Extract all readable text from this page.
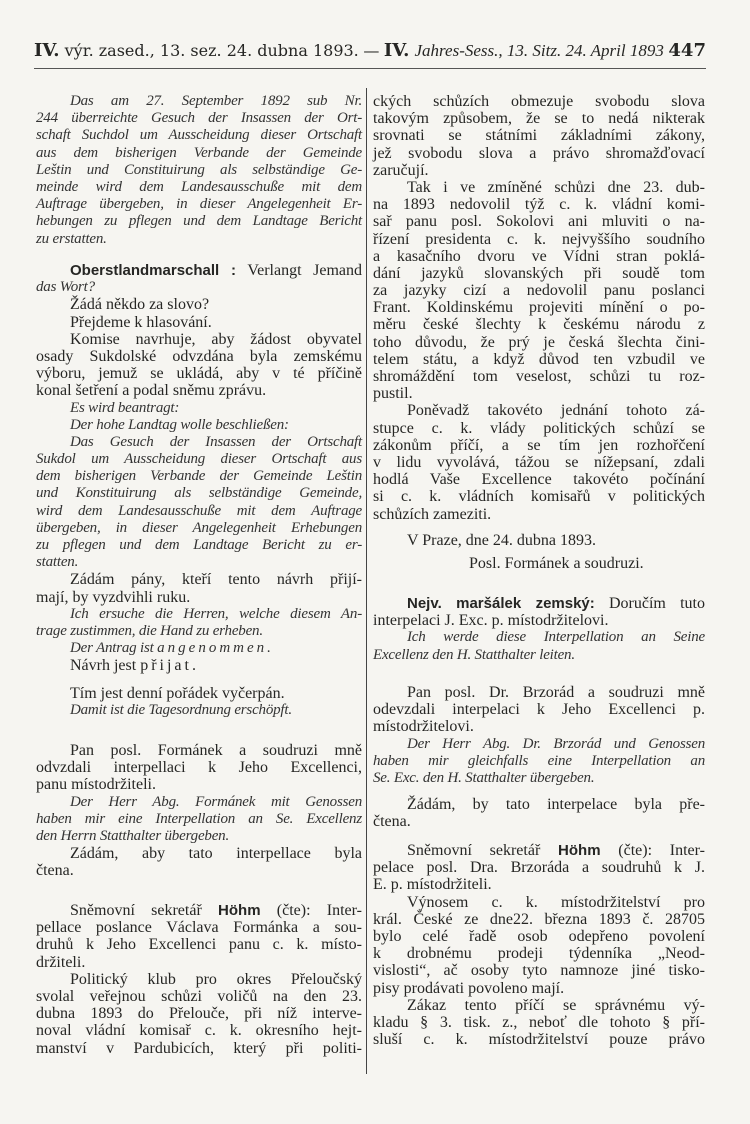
IV. výr. zased., 13. sez. 24. dubna 1893. — IV. Jahres-Sess., 13. Sitz. 24. April 1893 447
Das am 27. September 1892 sub Nr.
244 überreichte Gesuch der Insassen der Ort-
schaft Suchdol um Ausscheidung dieser Ortschaft
aus dem bisherigen Verbande der Gemeinde
Leštin und Constituirung als selbständige Ge-
meinde wird dem Landesausschuße mit dem
Auftrage übergeben, in dieser Angelegenheit Er-
hebungen zu pflegen und dem Landtage Bericht
zu erstatten.
Oberstlandmarschall : Verlangt Jemand
das Wort?
Žádá někdo za slovo?
Přejdeme k hlasování.
Komise navrhuje, aby žádost obyvatel
osady Sukdolské odvzdána byla zemskému
výboru, jemuž se ukládá, aby v té příčině
konal šetření a podal sněmu zprávu.
Es wird beantragt:
Der hohe Landtag wolle beschließen:
Das Gesuch der Insassen der Ortschaft
Sukdol um Ausscheidung dieser Ortschaft aus
dem bisherigen Verbande der Gemeinde Leštin
und Konstituirung als selbständige Gemeinde,
wird dem Landesausschuße mit dem Auftrage
übergeben, in dieser Angelegenheit Erhebungen
zu pflegen und dem Landtage Bericht zu er-
statten.
Zádám pány, kteří tento návrh přijí-
mají, by vyzdvihli ruku.
Ich ersuche die Herren, welche diesem An-
trage zustimmen, die Hand zu erheben.
Der Antrag ist angenommen.
Návrh jest přijat.
Tím jest denní pořádek vyčerpán.
Damit ist die Tagesordnung erschöpft.
Pan posl. Formánek a soudruzi mně
odvzdali interpellaci k Jeho Excellenci,
panu místodržiteli.
Der Herr Abg. Formánek mit Genossen
haben mir eine Interpellation an Se. Excellenz
den Herrn Statthalter übergeben.
Zádám, aby tato interpellace byla
čtena.
Sněmovní sekretář Höhm (čte): Inter-
pellace poslance Václava Formánka a sou-
druhů k Jeho Excellenci panu c. k. místo-
držiteli.
Politický klub pro okres Přeloučský
svolal veřejnou schůzi voličů na den 23.
dubna 1893 do Přelouče, při níž interve-
noval vládní komisař c. k. okresního hejt-
manství v Pardubicích, který při politi-
ckých schůzích obmezuje svobodu slova
takovým způsobem, že se to nedá nikterak
srovnati se státními základními zákony,
jež svobodu slova a právo shromažďovací
zaručují.
Tak i ve zmíněné schůzi dne 23. dub-
na 1893 nedovolil týž c. k. vládní komi-
sař panu posl. Sokolovi ani mluviti o na-
řízení presidenta c. k. nejvyššího soudního
a kasačního dvoru ve Vídni stran poklá-
dání jazyků slovanských při soudě tom
za jazyky cizí a nedovolil panu poslanci
Frant. Koldinskému projeviti mínění o po-
měru české šlechty k českému národu z
toho důvodu, že prý je česká šlechta čini-
telem státu, a když důvod ten vzbudil ve
shromáždění tom veselost, schůzi tu roz-
pustil.
Poněvadž takovéto jednání tohoto zá-
stupce c. k. vlády politických schůzí se
zákonům příčí, a se tím jen rozhořčení
v lidu vyvolává, tážou se nížepsaní, zdali
hodlá Vaše Excellence takovéto počínání
si c. k. vládních komisařů v politických
schůzích zameziti.
V Praze, dne 24. dubna 1893.
Posl. Formánek a soudruzi.
Nejv. maršálek zemský: Doručím tuto
interpelaci J. Exc. p. místodržitelovi.
Ich werde diese Interpellation an Seine
Excellenz den H. Statthalter leiten.
Pan posl. Dr. Brzorád a soudruzi mně
odevzdali interpelaci k Jeho Excellenci p.
místodržitelovi.
Der Herr Abg. Dr. Brzorád und Genossen
haben mir gleichfalls eine Interpellation an
Se. Exc. den H. Statthalter übergeben.
Žádám, by tato interpelace byla pře-
čtena.
Sněmovní sekretář Höhm (čte): Inter-
pelace posl. Dra. Brzoráda a soudruhů k J.
E. p. místodržiteli.
Výnosem c. k. místodržitelství pro
král. České ze dne22. března 1893 č. 28705
bylo celé řadě osob odepřeno povolení
k drobnému prodeji týdenníka „Neod-
vislosti“, ač osoby tyto namnoze jiné tisko-
pisy prodávati povoleno mají.
Zákaz tento příčí se správnému vý-
kladu § 3. tisk. z., neboť dle tohoto § pří-
sluší c. k. místodržitelství pouze právo
